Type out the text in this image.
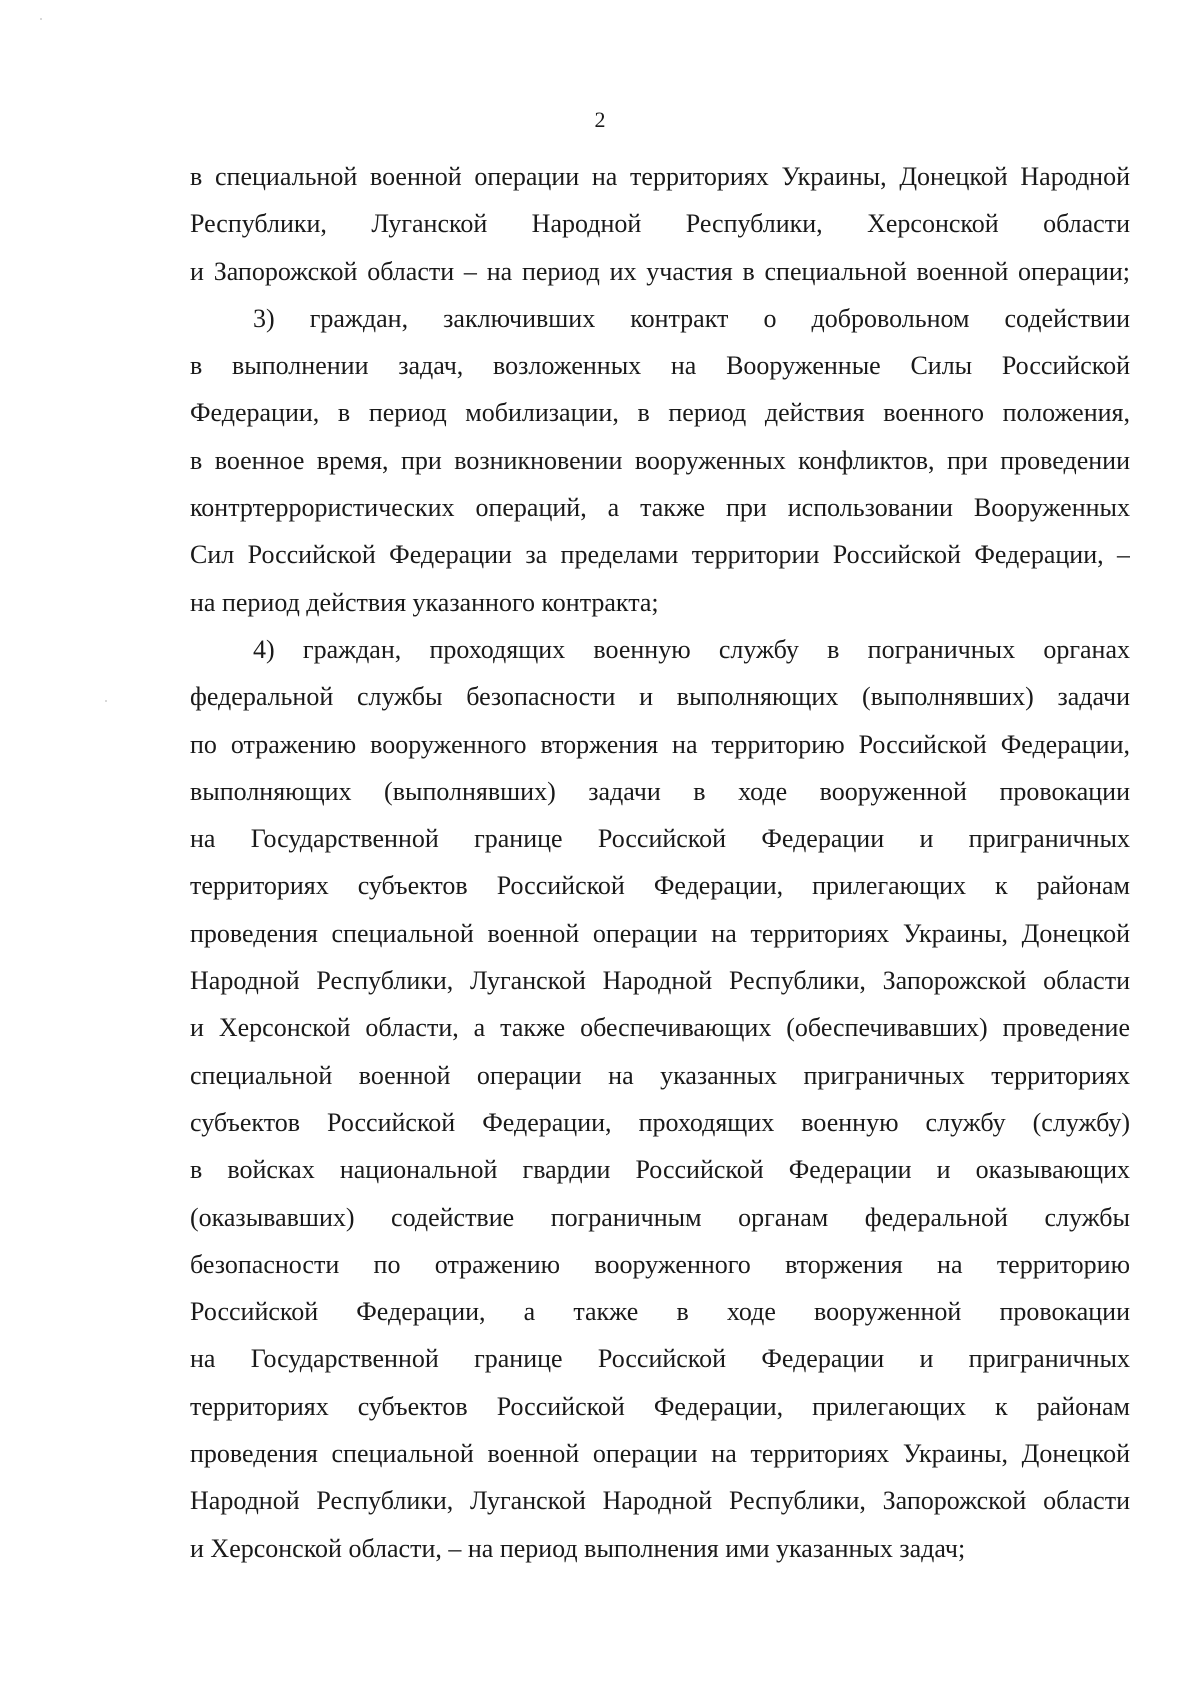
2
в специальной военной операции на территориях Украины, Донецкой Народной
Республики, Луганской Народной Республики, Херсонской области
и Запорожской области – на период их участия в специальной военной операции;
3) граждан, заключивших контракт о добровольном содействии
в выполнении задач, возложенных на Вооруженные Силы Российской
Федерации, в период мобилизации, в период действия военного положения,
в военное время, при возникновении вооруженных конфликтов, при проведении
контртеррористических операций, а также при использовании Вооруженных
Сил Российской Федерации за пределами территории Российской Федерации, –
на период действия указанного контракта;
4) граждан, проходящих военную службу в пограничных органах
федеральной службы безопасности и выполняющих (выполнявших) задачи
по отражению вооруженного вторжения на территорию Российской Федерации,
выполняющих (выполнявших) задачи в ходе вооруженной провокации
на Государственной границе Российской Федерации и приграничных
территориях субъектов Российской Федерации, прилегающих к районам
проведения специальной военной операции на территориях Украины, Донецкой
Народной Республики, Луганской Народной Республики, Запорожской области
и Херсонской области, а также обеспечивающих (обеспечивавших) проведение
специальной военной операции на указанных приграничных территориях
субъектов Российской Федерации, проходящих военную службу (службу)
в войсках национальной гвардии Российской Федерации и оказывающих
(оказывавших) содействие пограничным органам федеральной службы
безопасности по отражению вооруженного вторжения на территорию
Российской Федерации, а также в ходе вооруженной провокации
на Государственной границе Российской Федерации и приграничных
территориях субъектов Российской Федерации, прилегающих к районам
проведения специальной военной операции на территориях Украины, Донецкой
Народной Республики, Луганской Народной Республики, Запорожской области
и Херсонской области, – на период выполнения ими указанных задач;
